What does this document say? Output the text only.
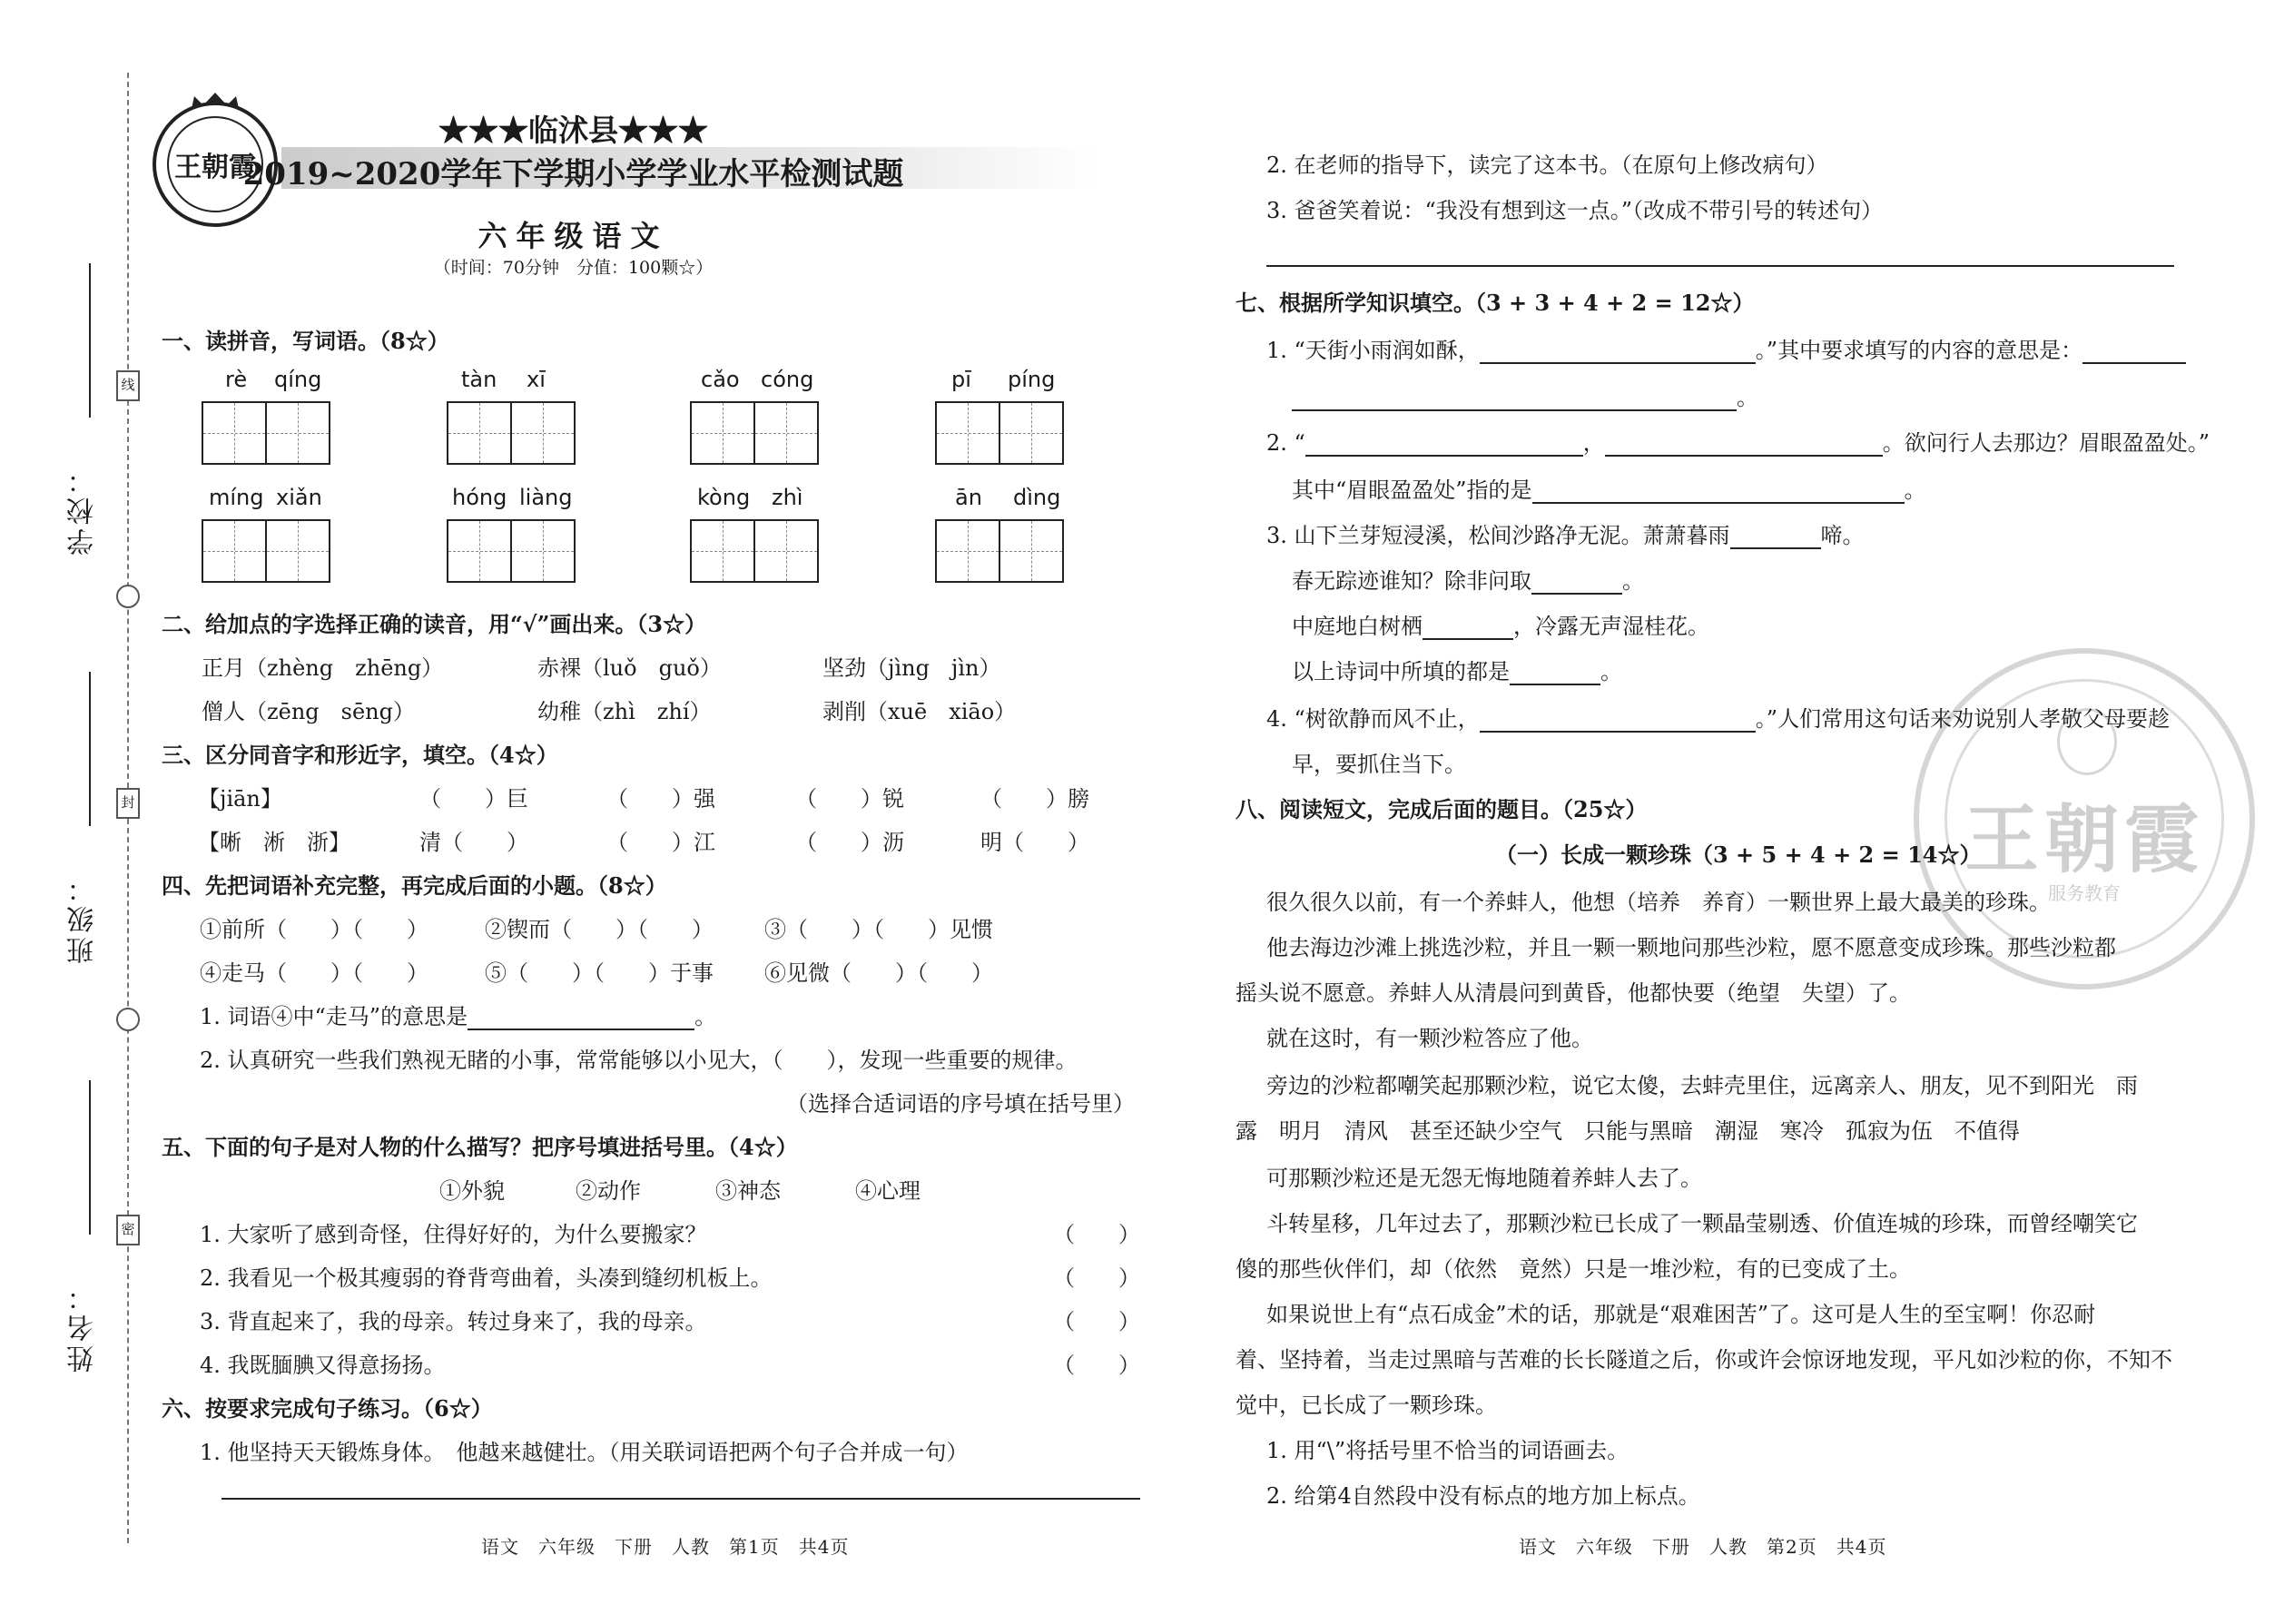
学校：
班级：
姓名：
线
封
密
王朝霞
★★★临沭县★★★
2019~2020学年下学期小学学业水平检测试题
六年级语文
（时间：70分钟　分值：100颗☆）
一、读拼音，写词语。（8☆）
rè qíng	tàn xī	cǎo cóng	pī píng
míng xiǎn	hóng liàng	kòng zhì	ān dìng
二、给加点的字选择正确的读音，用“√”画出来。（3☆）
正月（zhèng　zhēng）	赤裸（luǒ　guǒ）	坚劲（jìng　jìn）
僧人（zēng　sēng）	幼稚（zhì　zhí）	剥削（xuē　xiāo）
三、区分同音字和形近字，填空。（4☆）
【jiān】	（　　）巨	（　　）强	（　　）锐	（　　）膀
【晰　淅　浙】	清（　　）	（　　）江	（　　）沥	明（　　）
四、先把词语补充完整，再完成后面的小题。（8☆）
①前所（　　）（　　）	②锲而（　　）（　　） ③（　　）（　　）见惯
④走马（　　）（　　）	⑤（　　）（　　）于事 ⑥见微（　　）（　　）
1. 词语④中“走马”的意思是	。
2. 认真研究一些我们熟视无睹的小事，常常能够以小见大，（　　），发现一些重要的规律。
（选择合适词语的序号填在括号里）
五、下面的句子是对人物的什么描写？把序号填进括号里。（4☆）
①外貌	②动作	③神态	④心理
1. 大家听了感到奇怪，住得好好的，为什么要搬家？	（　　）
2. 我看见一个极其瘦弱的脊背弯曲着，头凑到缝纫机板上。	（　　）
3. 背直起来了，我的母亲。转过身来了，我的母亲。	（　　）
4. 我既腼腆又得意扬扬。	（　　）
六、按要求完成句子练习。（6☆）
1. 他坚持天天锻炼身体。　他越来越健壮。（用关联词语把两个句子合并成一句）
语文　六年级　下册　人教　第1页　共4页
王朝霞
服务教育
2. 在老师的指导下，读完了这本书。（在原句上修改病句）
3. 爸爸笑着说：“我没有想到这一点。”（改成不带引号的转述句）
七、根据所学知识填空。（3 + 3 + 4 + 2 = 12☆）
1. “天街小雨润如酥，	。”其中要求填写的内容的意思是：
。
2. “	，	。欲问行人去那边？眉眼盈盈处。”
其中“眉眼盈盈处”指的是	。
3. 山下兰芽短浸溪，松间沙路净无泥。萧萧暮雨	啼。
春无踪迹谁知？除非问取	。
中庭地白树栖	，冷露无声湿桂花。
以上诗词中所填的都是	。
4. “树欲静而风不止，	。”人们常用这句话来劝说别人孝敬父母要趁
早，要抓住当下。
八、阅读短文，完成后面的题目。（25☆）
（一）长成一颗珍珠（3 + 5 + 4 + 2 = 14☆）
很久很久以前，有一个养蚌人，他想（培养　养育）一颗世界上最大最美的珍珠。
他去海边沙滩上挑选沙粒，并且一颗一颗地问那些沙粒，愿不愿意变成珍珠。那些沙粒都
摇头说不愿意。养蚌人从清晨问到黄昏，他都快要（绝望　失望）了。
就在这时，有一颗沙粒答应了他。
旁边的沙粒都嘲笑起那颗沙粒，说它太傻，去蚌壳里住，远离亲人、朋友，见不到阳光　雨
露　明月　清风　甚至还缺少空气　只能与黑暗　潮湿　寒冷　孤寂为伍　不值得
可那颗沙粒还是无怨无悔地随着养蚌人去了。
斗转星移，几年过去了，那颗沙粒已长成了一颗晶莹剔透、价值连城的珍珠，而曾经嘲笑它
傻的那些伙伴们，却（依然　竟然）只是一堆沙粒，有的已变成了土。
如果说世上有“点石成金”术的话，那就是“艰难困苦”了。这可是人生的至宝啊！你忍耐
着、坚持着，当走过黑暗与苦难的长长隧道之后，你或许会惊讶地发现，平凡如沙粒的你，不知不
觉中，已长成了一颗珍珠。
1. 用“\”将括号里不恰当的词语画去。
2. 给第4自然段中没有标点的地方加上标点。
语文　六年级　下册　人教　第2页　共4页
